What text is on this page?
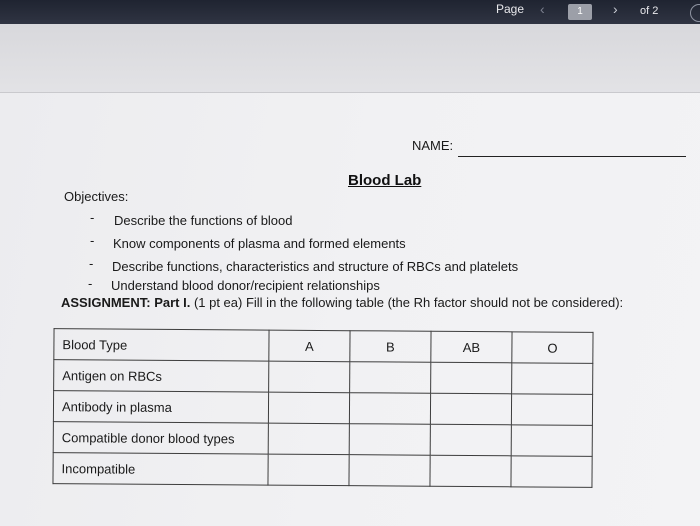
Page ‹	1	› of 2
NAME:
Blood Lab
Objectives:
- Describe the functions of blood
- Know components of plasma and formed elements
- Describe functions, characteristics and structure of RBCs and platelets
- Understand blood donor/recipient relationships
ASSIGNMENT: Part I. (1 pt ea) Fill in the following table (the Rh factor should not be considered):
Blood Type	A	B	AB	O
Antigen on RBCs				
Antibody in plasma				
Compatible donor blood types				
Incompatible				
